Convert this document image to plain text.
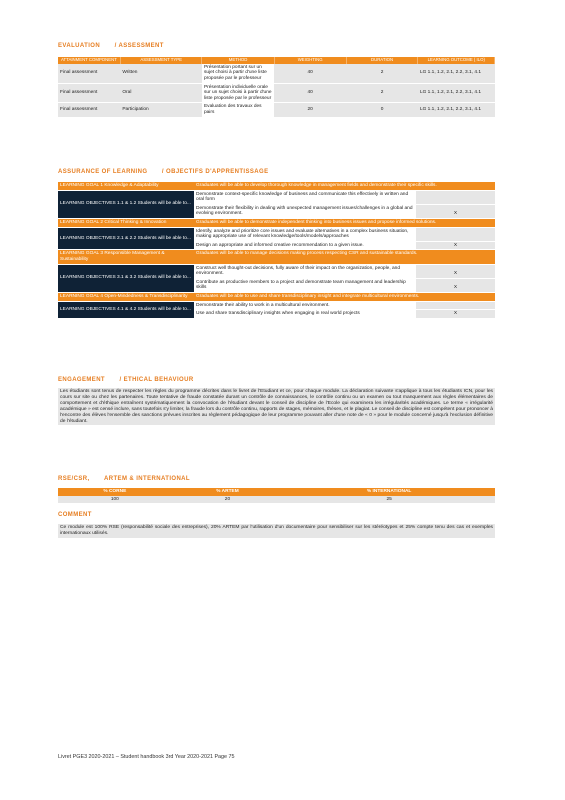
EVALUATION / ASSESSMENT
ATTAINMENT COMPONENT	ASSESSMENT TYPE	METHOD	WEIGHTING	DURATION	LEARNING OUTCOME ( ILO)
Final assessment	Written	Présentation portant sur un sujet choisi à partir d'une liste proposée par le professeur	40	2	LG 1.1, 1.2, 2.1, 2.2, 3.1, 4.1
Final assessment	Oral	Présentation individuelle orale sur un sujet choisi à partir d'une liste proposée par le professeur	40	2	LG 1.1, 1.2, 2.1, 2.2, 3.1, 4.1
Final assessment	Participation	Evaluation des travaux des pairs	20	0	LG 1.1, 1.2, 2.1, 2.2, 3.1, 4.1
ASSURANCE OF LEARNING / OBJECTIFS D'APPRENTISSAGE
LEARNING GOAL 1 Knowledge & Adaptability	Graduates will be able to develop thorough knowledge in management fields and demonstrate their specific skills.	
LEARNING OBJECTIVES 1.1 & 1.2 Students will be able to...	Demonstrate context-specific knowledge of business and communicate this effectively in written and oral form	
	Demonstrate their flexibility in dealing with unexpected management issues/challenges in a global and evolving environment.	X
LEARNING GOAL 2 Critical Thinking & Innovation	Graduates will be able to demonstrate independent thinking into business issues and propose informed solutions.	
LEARNING OBJECTIVES 2.1 & 2.2 Students will be able to...	Identify, analyze and prioritize core issues and evaluate alternatives in a complex business situation, making appropriate use of relevant knowledge/tools/models/approaches	
	Design an appropriate and informed creative recommendation to a given issue.	X
LEARNING GOAL 3 Responsible Management & Sustainability	Graduates will be able to manage decisions making process respecting CSR and sustainable standards.	
LEARNING OBJECTIVES 3.1 & 3.2 Students will be able to...	Construct well thought-out decisions, fully aware of their impact on the organization, people, and environment.	X
	Contribute as productive members to a project and demonstrate team management and leadership skills	X
LEARNING GOAL 4 Open-Mindedness & Transdisciplinarity	Graduates will be able to use and share transdisciplinary insight and integrate multicultural environments.	
LEARNING OBJECTIVES 4.1 & 4.2 Students will be able to...	Demonstrate their ability to work in a multicultural environment.	
	Use and share transdisciplinary insights when engaging in real world projects	X
ENGAGEMENT / ETHICAL BEHAVIOUR
Les étudiants sont tenus de respecter les règles du programme décrites dans le livret de l'Etudiant et ce, pour chaque module. La déclaration suivante s'applique à tous les étudiants ICN, pour les cours sur site ou chez les partenaires. Toute tentative de fraude constatée durant un contrôle de connaissances, le contrôle continu ou un examen ou tout manquement aux règles élémentaires de comportement et d'éthique entraînent systématiquement la convocation de l'étudiant devant le conseil de discipline de l'Ecole qui examinera les irrégularités académiques. Le terme « irrégularité académique » est censé inclure, sans toutefois s'y limiter, la fraude lors du contrôle continu, rapports de stages, mémoires, thèses, et le plagiat. Le conseil de discipline est compétent pour prononcer à l'encontre des élèves l'ensemble des sanctions prévues inscrites au règlement pédagogique de leur programme pouvant aller d'une note de « 0 » pour le module concerné jusqu'à l'exclusion définitive de l'étudiant.
RSE/CSR, ARTEM & INTERNATIONAL
% CORNE	% ARTEM	% INTERNATIONAL
100	20	25
COMMENT
Ce module est 100% RSE (responsabilité sociale des entreprises), 20% ARTEM par l'utilisation d'un documentaire pour sensibiliser sur les stéréotypes et 25% compte tenu des cas et exemples internationaux utilisés.
Livret PGE3 2020-2021 – Student handbook 3rd Year 2020-2021 Page 75
